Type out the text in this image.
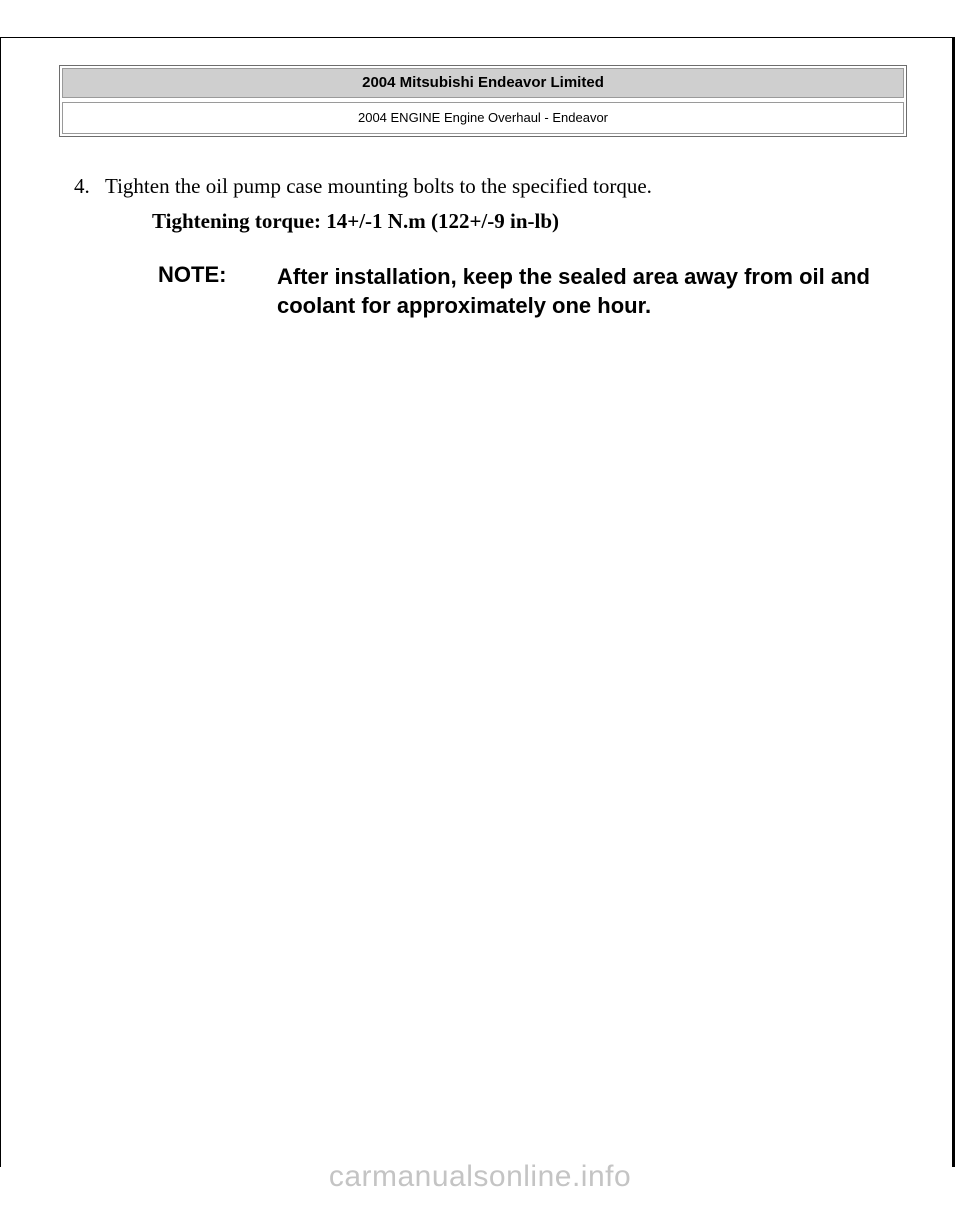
2004 Mitsubishi Endeavor Limited
2004 ENGINE Engine Overhaul - Endeavor
4. Tighten the oil pump case mounting bolts to the specified torque.
Tightening torque: 14+/-1 N.m (122+/-9 in-lb)
NOTE: After installation, keep the sealed area away from oil and coolant for approximately one hour.
carmanualsonline.info
